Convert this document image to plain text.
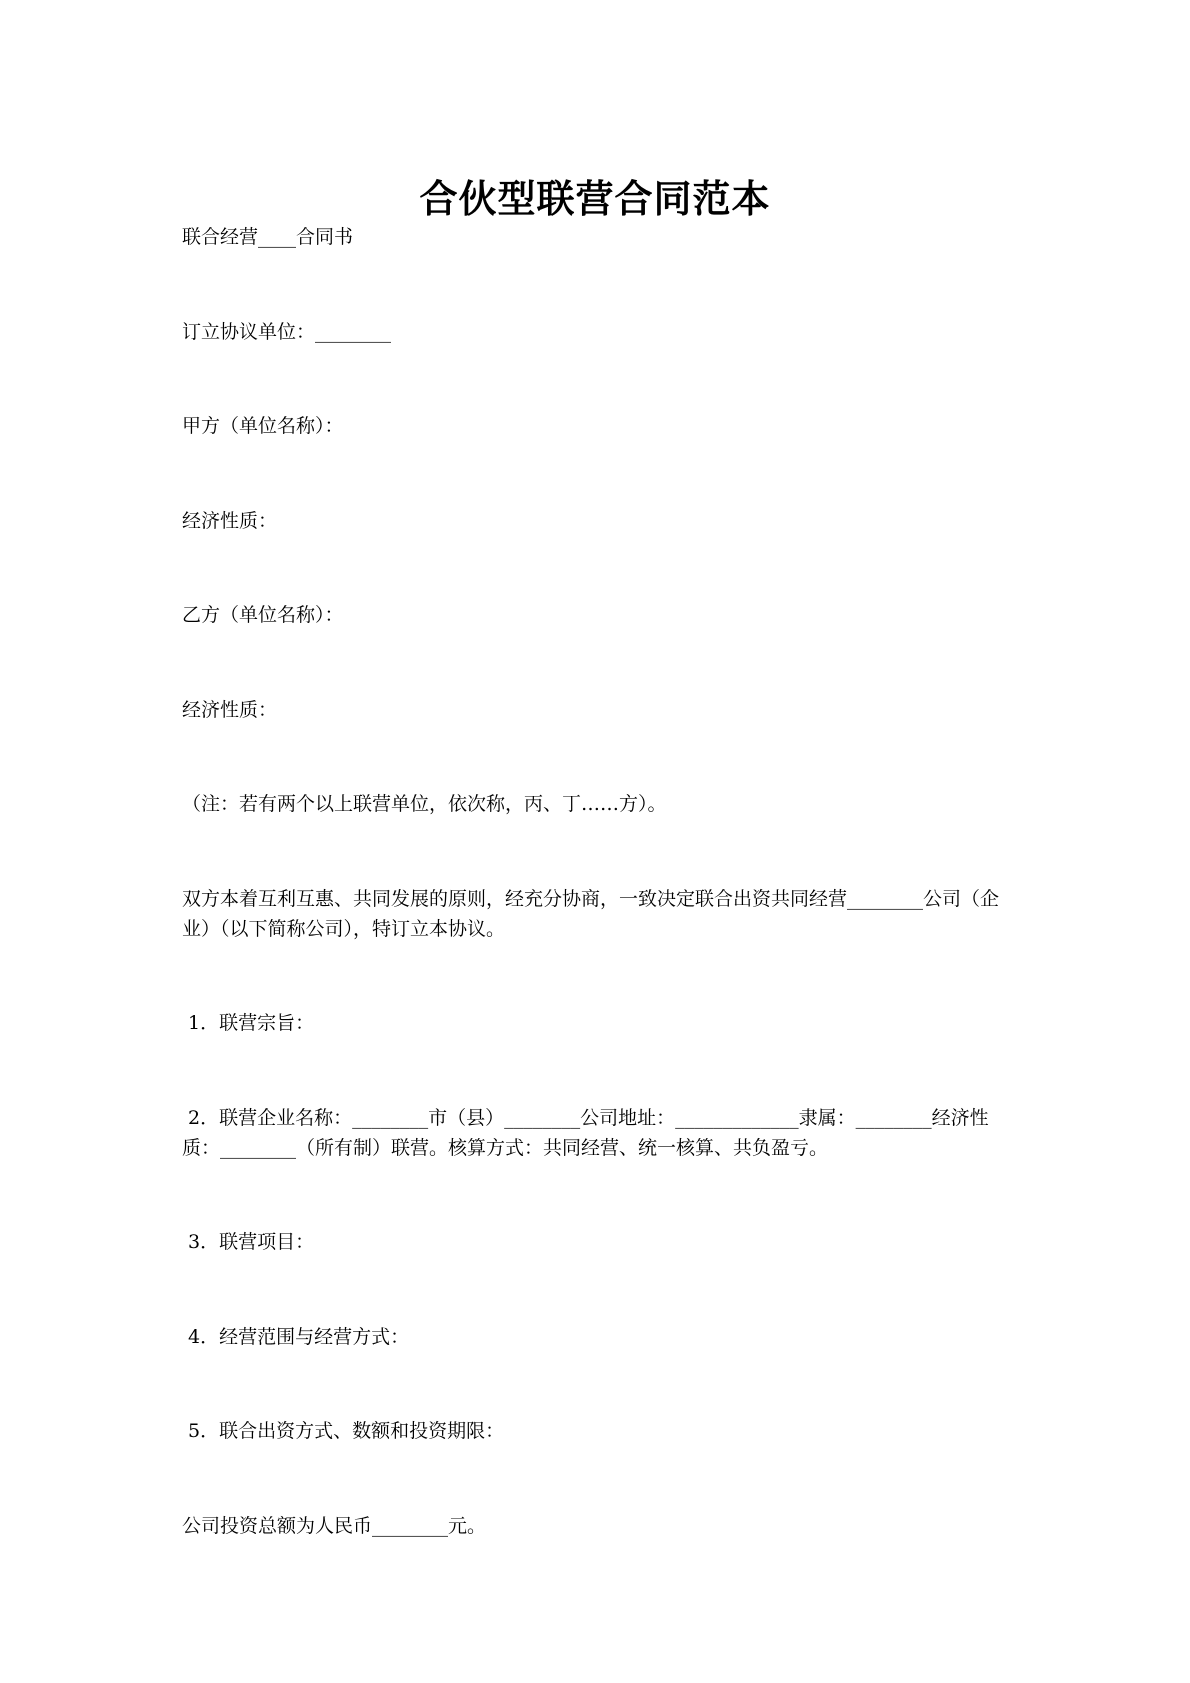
合伙型联营合同范本

联合经营____合同书

订立协议单位：________

甲方（单位名称）：

经济性质：

乙方（单位名称）：

经济性质：

（注：若有两个以上联营单位，依次称，丙、丁……方）。

双方本着互利互惠、共同发展的原则，经充分协商，一致决定联合出资共同经营________公司（企业）（以下简称公司），特订立本协议。

1．联营宗旨：

2．联营企业名称：________市（县）________公司地址：_____________隶属：________经济性质：________（所有制）联营。核算方式：共同经营、统一核算、共负盈亏。

3．联营项目：

4．经营范围与经营方式：

5．联合出资方式、数额和投资期限：

公司投资总额为人民币________元。
